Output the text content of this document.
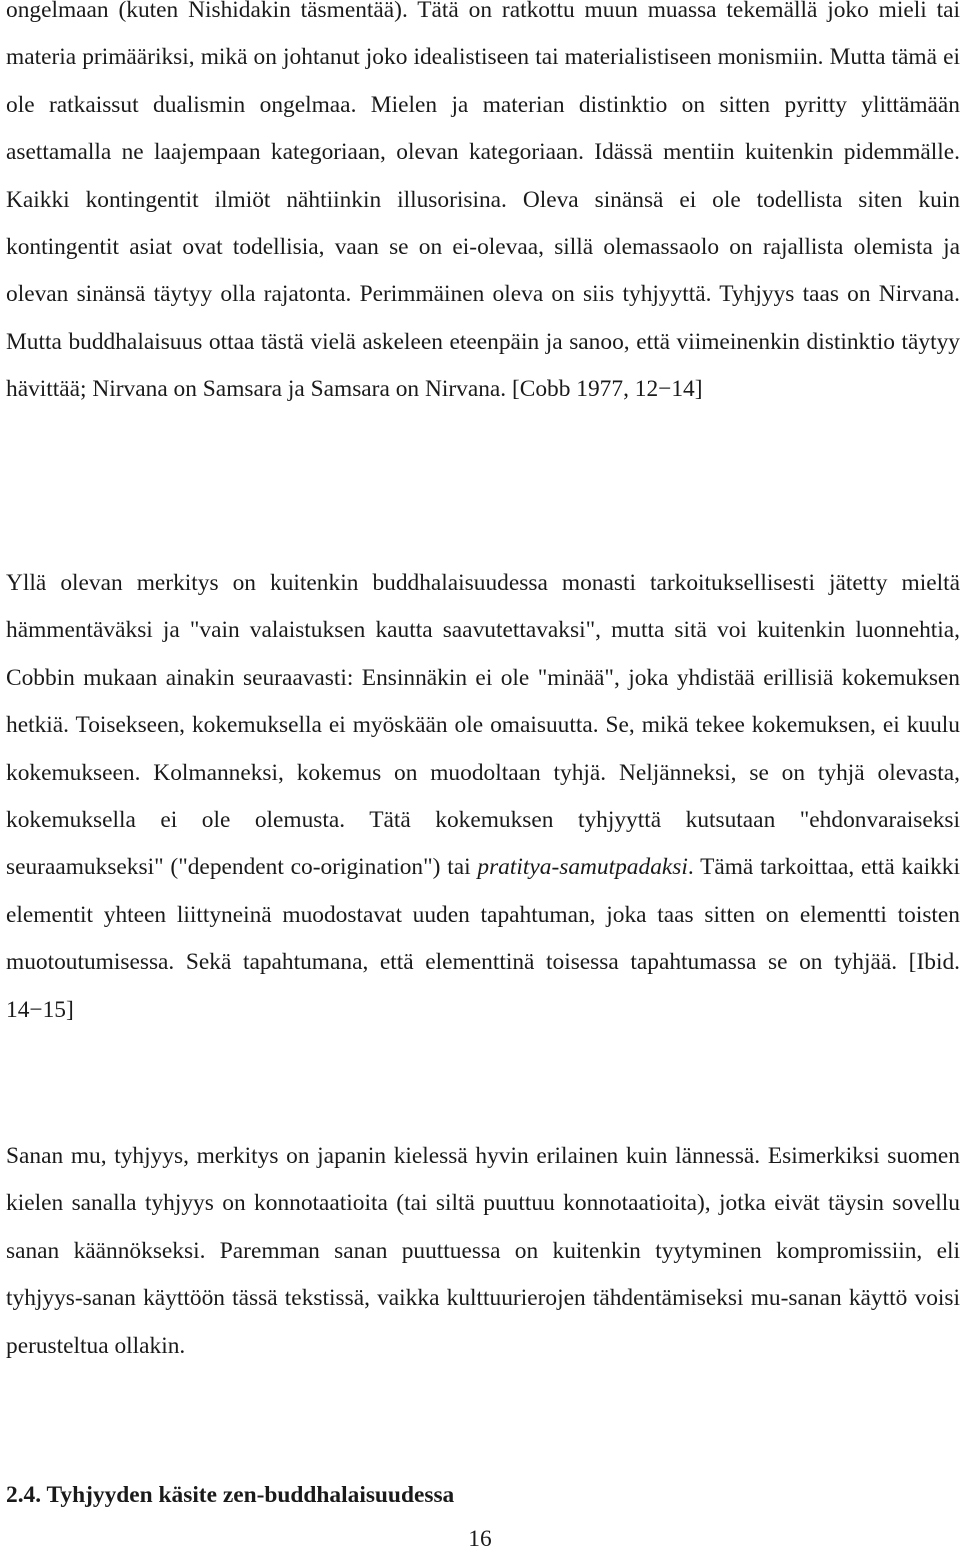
ongelmaan (kuten Nishidakin täsmentää). Tätä on ratkottu muun muassa tekemällä joko mieli tai materia primääriksi, mikä on johtanut joko idealistiseen tai materialistiseen monismiin. Mutta tämä ei ole ratkaissut dualismin ongelmaa. Mielen ja materian distinktio on sitten pyritty ylittämään asettamalla ne laajempaan kategoriaan, olevan kategoriaan. Idässä mentiin kuitenkin pidemmälle. Kaikki kontingentit ilmiöt nähtiinkin illusorisina. Oleva sinänsä ei ole todellista siten kuin kontingentit asiat ovat todellisia, vaan se on ei-olevaa, sillä olemassaolo on rajallista olemista ja olevan sinänsä täytyy olla rajatonta. Perimmäinen oleva on siis tyhjyyttä. Tyhjyys taas on Nirvana. Mutta buddhalaisuus ottaa tästä vielä askeleen eteenpäin ja sanoo, että viimeinenkin distinktio täytyy hävittää; Nirvana on Samsara ja Samsara on Nirvana. [Cobb 1977, 12−14]

Yllä olevan merkitys on kuitenkin buddhalaisuudessa monasti tarkoituksellisesti jätetty mieltä hämmentäväksi ja "vain valaistuksen kautta saavutettavaksi", mutta sitä voi kuitenkin luonnehtia, Cobbin mukaan ainakin seuraavasti: Ensinnäkin ei ole "minää", joka yhdistää erillisiä kokemuksen hetkiä. Toisekseen, kokemuksella ei myöskään ole omaisuutta. Se, mikä tekee kokemuksen, ei kuulu kokemukseen. Kolmanneksi, kokemus on muodoltaan tyhjä. Neljänneksi, se on tyhjä olevasta, kokemuksella ei ole olemusta. Tätä kokemuksen tyhjyyttä kutsutaan "ehdonvaraiseksi seuraamukseksi" ("dependent co-origination") tai pratitya-samutpadaksi. Tämä tarkoittaa, että kaikki elementit yhteen liittyneinä muodostavat uuden tapahtuman, joka taas sitten on elementti toisten muotoutumisessa. Sekä tapahtumana, että elementtinä toisessa tapahtumassa se on tyhjää. [Ibid. 14−15]

Sanan mu, tyhjyys, merkitys on japanin kielessä hyvin erilainen kuin lännessä. Esimerkiksi suomen kielen sanalla tyhjyys on konnotaatioita (tai siltä puuttuu konnotaatioita), jotka eivät täysin sovellu sanan käännökseksi. Paremman sanan puuttuessa on kuitenkin tyytyminen kompromissiin, eli tyhjyys-sanan käyttöön tässä tekstissä, vaikka kulttuurierojen tähdentämiseksi mu-sanan käyttö voisi perusteltua ollakin.

2.4. Tyhjyyden käsite zen-buddhalaisuudessa

16
